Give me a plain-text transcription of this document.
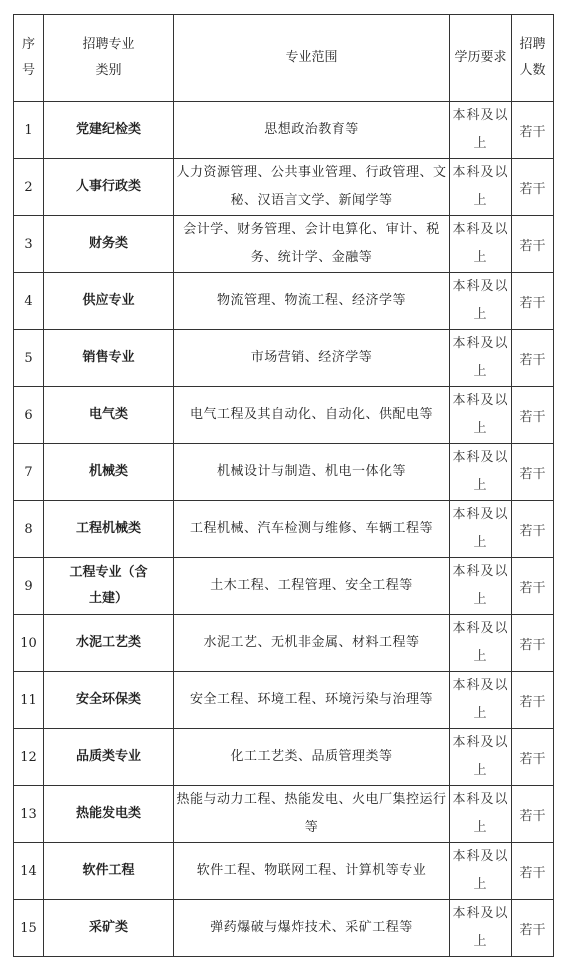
序号	招聘专业类别	专业范围	学历要求	招聘人数
1	党建纪检类	思想政治教育等	本科及以上	若干
2	人事行政类	人力资源管理、公共事业管理、行政管理、文秘、汉语言文学、新闻学等	本科及以上	若干
3	财务类	会计学、财务管理、会计电算化、审计、税务、统计学、金融等	本科及以上	若干
4	供应专业	物流管理、物流工程、经济学等	本科及以上	若干
5	销售专业	市场营销、经济学等	本科及以上	若干
6	电气类	电气工程及其自动化、自动化、供配电等	本科及以上	若干
7	机械类	机械设计与制造、机电一体化等	本科及以上	若干
8	工程机械类	工程机械、汽车检测与维修、车辆工程等	本科及以上	若干
9	工程专业（含土建）	土木工程、工程管理、安全工程等	本科及以上	若干
10	水泥工艺类	水泥工艺、无机非金属、材料工程等	本科及以上	若干
11	安全环保类	安全工程、环境工程、环境污染与治理等	本科及以上	若干
12	品质类专业	化工工艺类、品质管理类等	本科及以上	若干
13	热能发电类	热能与动力工程、热能发电、火电厂集控运行等	本科及以上	若干
14	软件工程	软件工程、物联网工程、计算机等专业	本科及以上	若干
15	采矿类	弹药爆破与爆炸技术、采矿工程等	本科及以上	若干
